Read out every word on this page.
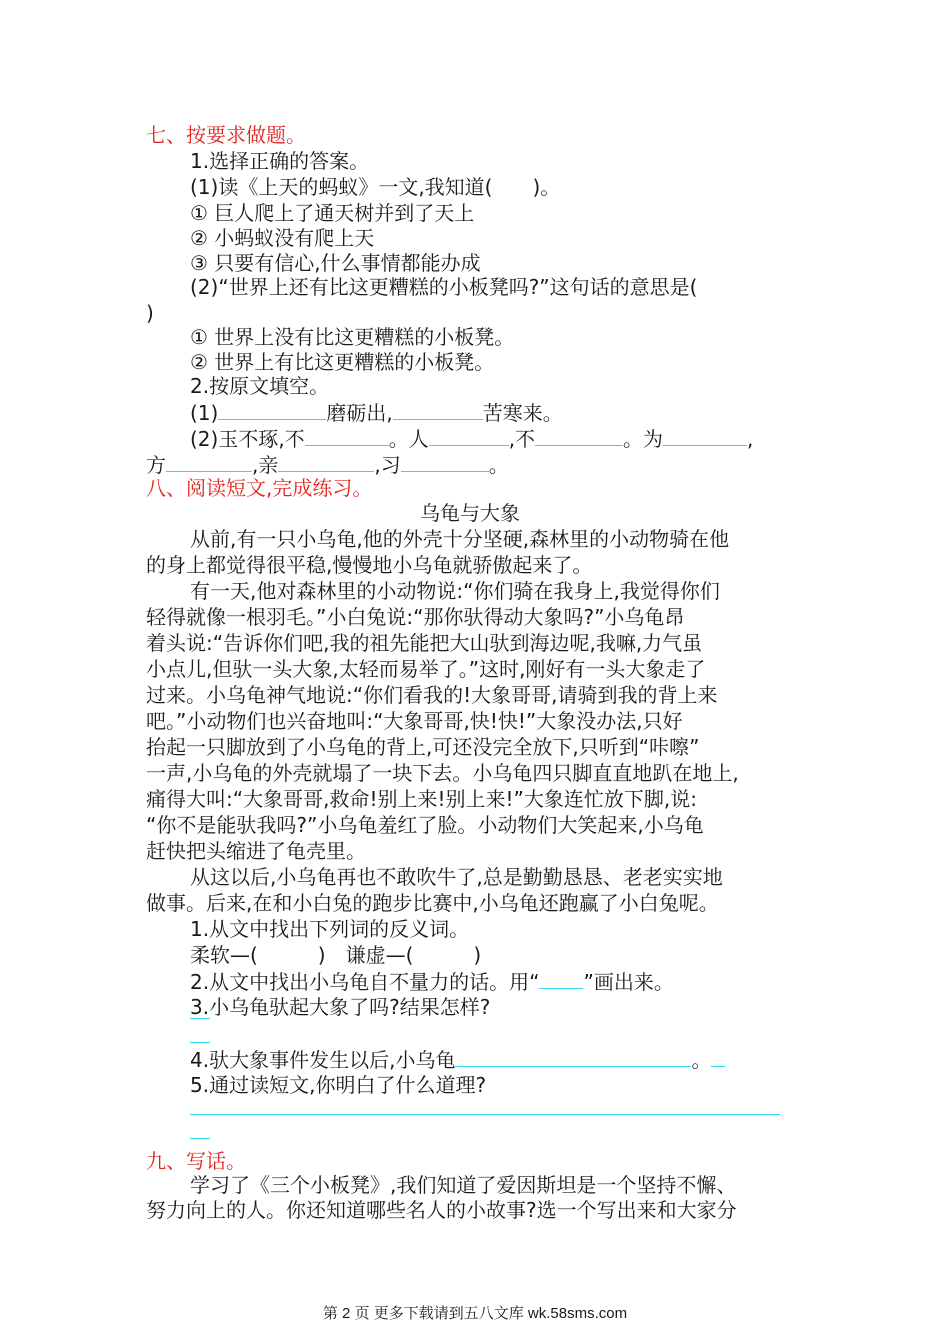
七、按要求做题。
1.选择正确的答案。
(1)读《上天的蚂蚁》一文,我知道(　　)。
① 巨人爬上了通天树并到了天上
② 小蚂蚁没有爬上天
③ 只要有信心,什么事情都能办成
(2)“世界上还有比这更糟糕的小板凳吗?”这句话的意思是(
)
① 世界上没有比这更糟糕的小板凳。
② 世界上有比这更糟糕的小板凳。
2.按原文填空。
(1)	磨砺出,	苦寒来。
(2)玉不琢,不	。人	,不	。为	,
方	,亲	,习	。
八、阅读短文,完成练习。
乌龟与大象
从前,有一只小乌龟,他的外壳十分坚硬,森林里的小动物骑在他
的身上都觉得很平稳,慢慢地小乌龟就骄傲起来了。
有一天,他对森林里的小动物说:“你们骑在我身上,我觉得你们
轻得就像一根羽毛。”小白兔说:“那你驮得动大象吗?”小乌龟昂
着头说:“告诉你们吧,我的祖先能把大山驮到海边呢,我嘛,力气虽
小点儿,但驮一头大象,太轻而易举了。”这时,刚好有一头大象走了
过来。小乌龟神气地说:“你们看我的!大象哥哥,请骑到我的背上来
吧。”小动物们也兴奋地叫:“大象哥哥,快!快!”大象没办法,只好
抬起一只脚放到了小乌龟的背上,可还没完全放下,只听到“咔嚓”
一声,小乌龟的外壳就塌了一块下去。小乌龟四只脚直直地趴在地上,
痛得大叫:“大象哥哥,救命!别上来!别上来!”大象连忙放下脚,说:
“你不是能驮我吗?”小乌龟羞红了脸。小动物们大笑起来,小乌龟
赶快把头缩进了龟壳里。
从这以后,小乌龟再也不敢吹牛了,总是勤勤恳恳、老老实实地
做事。后来,在和小白兔的跑步比赛中,小乌龟还跑赢了小白兔呢。
1.从文中找出下列词的反义词。
柔软—(　　　)　谦虚—(　　　)
2.从文中找出小乌龟自不量力的话。用“ ”画出来。
3.小乌龟驮起大象了吗?结果怎样?
4.驮大象事件发生以后,小乌龟	。
5.通过读短文,你明白了什么道理?
九、写话。
学习了《三个小板凳》,我们知道了爱因斯坦是一个坚持不懈、
努力向上的人。你还知道哪些名人的小故事?选一个写出来和大家分
第 2 页 更多下载请到五八文库 wk.58sms.com
